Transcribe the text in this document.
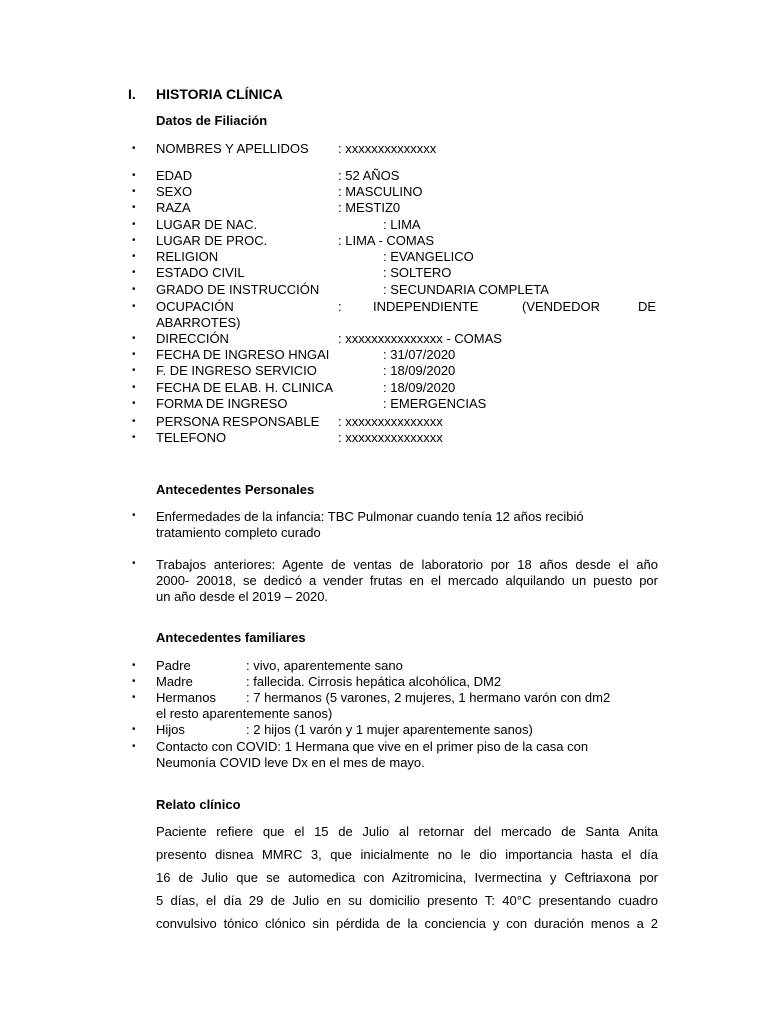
I. HISTORIA CLÍNICA
Datos de Filiación
• NOMBRES Y APELLIDOS : xxxxxxxxxxxxxx
• EDAD	: 52 AÑOS
• SEXO	: MASCULINO
• RAZA	: MESTIZ0
• LUGAR DE NAC.	: LIMA
• LUGAR DE PROC.	: LIMA - COMAS
• RELIGION	: EVANGELICO
• ESTADO CIVIL	: SOLTERO
• GRADO DE INSTRUCCIÓN	: SECUNDARIA COMPLETA
• OCUPACIÓN	: INDEPENDIENTE	(VENDEDOR	DE
ABARROTES)
• DIRECCIÓN	: xxxxxxxxxxxxxxx - COMAS
• FECHA DE INGRESO HNGAI	: 31/07/2020
• F. DE INGRESO SERVICIO	: 18/09/2020
• FECHA DE ELAB. H. CLINICA	: 18/09/2020
• FORMA DE INGRESO	: EMERGENCIAS
• PERSONA RESPONSABLE : xxxxxxxxxxxxxxx
• TELEFONO	: xxxxxxxxxxxxxxx
Antecedentes Personales
• Enfermedades de la infancia: TBC Pulmonar cuando tenía 12 años recibió
tratamiento completo curado
• Trabajos anteriores: Agente de ventas de laboratorio por 18 años desde el año
2000- 20018, se dedicó a vender frutas en el mercado alquilando un puesto por
un año desde el 2019 – 2020.
Antecedentes familiares
• Padre	: vivo, aparentemente sano
• Madre	: fallecida. Cirrosis hepática alcohólica, DM2
• Hermanos : 7 hermanos (5 varones, 2 mujeres, 1 hermano varón con dm2
el resto aparentemente sanos)
• Hijos	: 2 hijos (1 varón y 1 mujer aparentemente sanos)
• Contacto con COVID: 1 Hermana que vive en el primer piso de la casa con
Neumonía COVID leve Dx en el mes de mayo.
Relato clínico
Paciente refiere que el 15 de Julio al retornar del mercado de Santa Anita
presento disnea MMRC 3, que inicialmente no le dio importancia hasta el día
16 de Julio que se automedica con Azitromicina, Ivermectina y Ceftriaxona por
5 días, el día 29 de Julio en su domicilio presento T: 40°C presentando cuadro
convulsivo tónico clónico sin pérdida de la conciencia y con duración menos a 2
